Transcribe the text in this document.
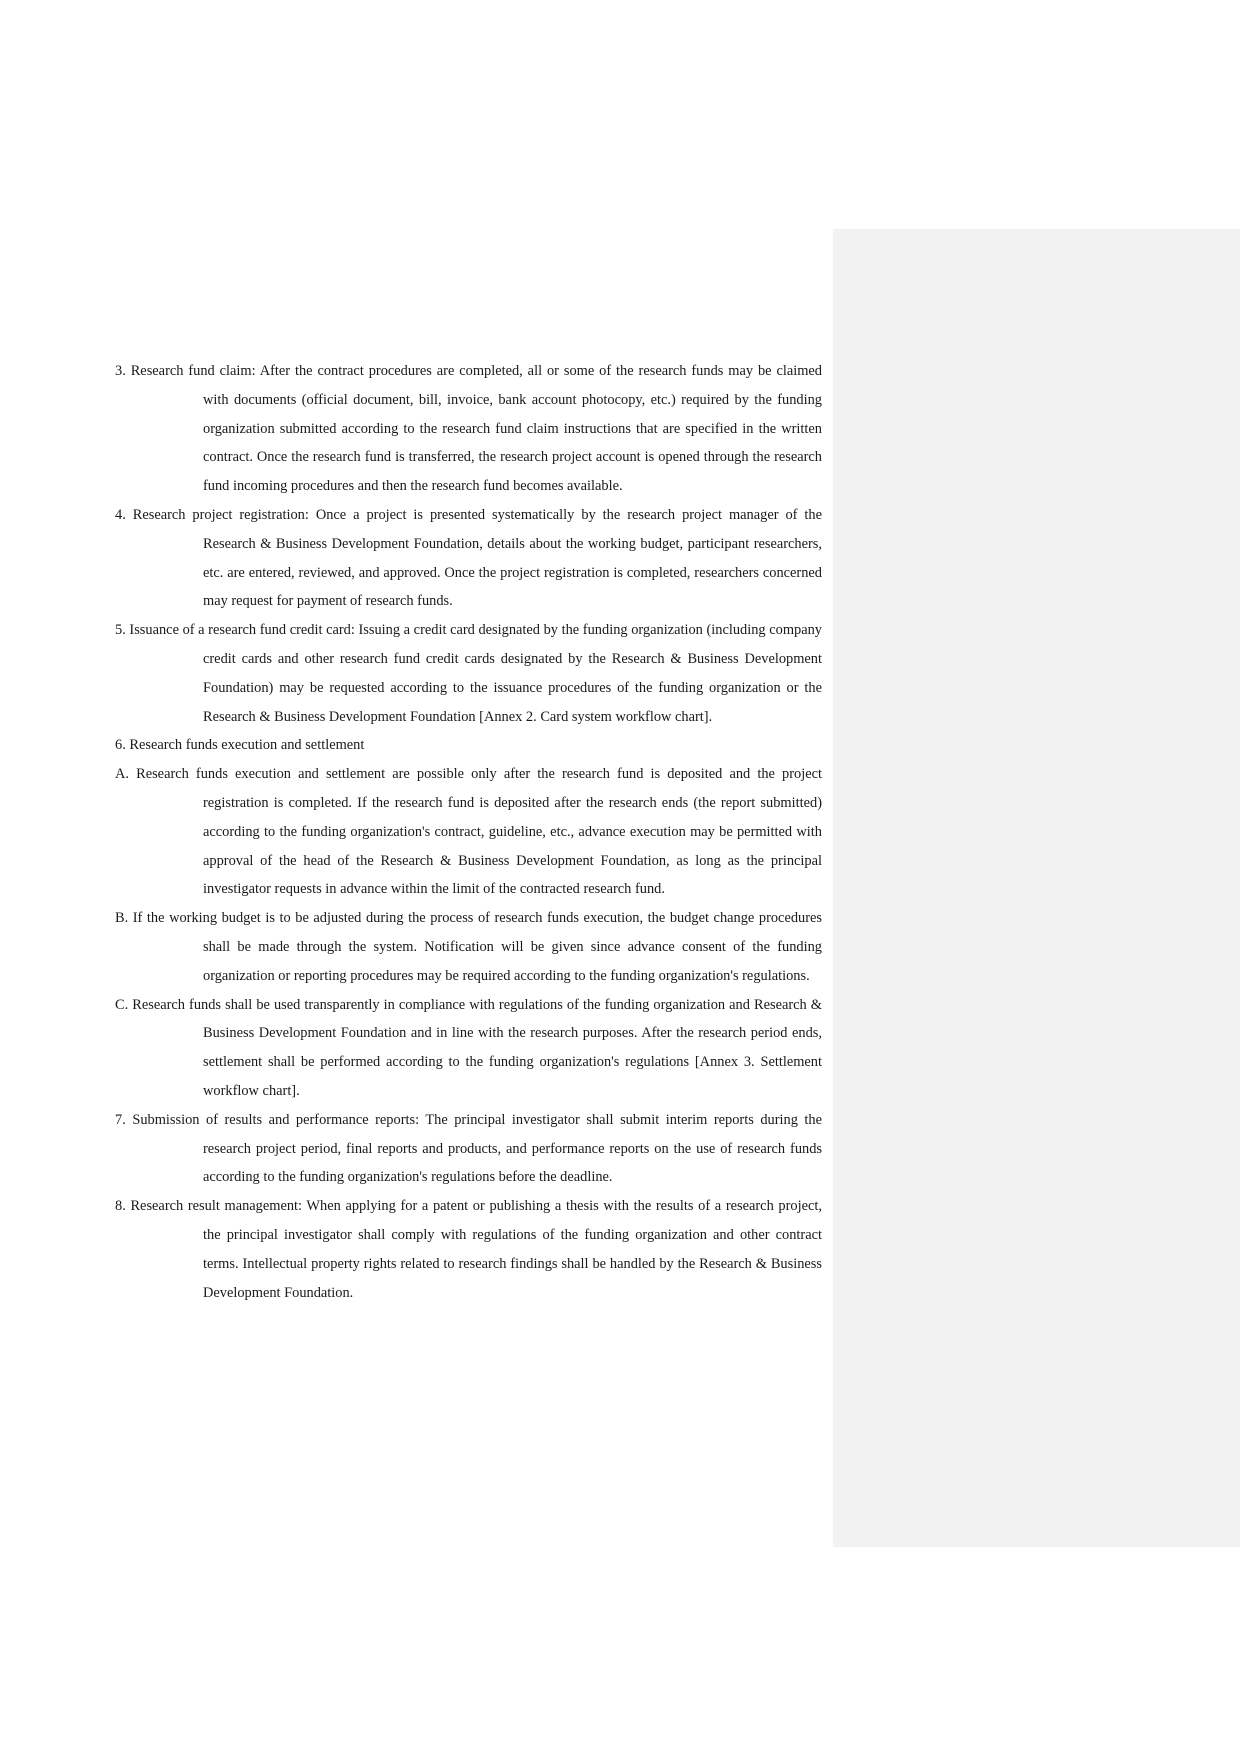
3. Research fund claim: After the contract procedures are completed, all or some of the research funds may be claimed with documents (official document, bill, invoice, bank account photocopy, etc.) required by the funding organization submitted according to the research fund claim instructions that are specified in the written contract. Once the research fund is transferred, the research project account is opened through the research fund incoming procedures and then the research fund becomes available.

4. Research project registration: Once a project is presented systematically by the research project manager of the Research & Business Development Foundation, details about the working budget, participant researchers, etc. are entered, reviewed, and approved. Once the project registration is completed, researchers concerned may request for payment of research funds.

5. Issuance of a research fund credit card: Issuing a credit card designated by the funding organization (including company credit cards and other research fund credit cards designated by the Research & Business Development Foundation) may be requested according to the issuance procedures of the funding organization or the Research & Business Development Foundation [Annex 2. Card system workflow chart].

6. Research funds execution and settlement

A. Research funds execution and settlement are possible only after the research fund is deposited and the project registration is completed. If the research fund is deposited after the research ends (the report submitted) according to the funding organization's contract, guideline, etc., advance execution may be permitted with approval of the head of the Research & Business Development Foundation, as long as the principal investigator requests in advance within the limit of the contracted research fund.

B. If the working budget is to be adjusted during the process of research funds execution, the budget change procedures shall be made through the system. Notification will be given since advance consent of the funding organization or reporting procedures may be required according to the funding organization's regulations.

C. Research funds shall be used transparently in compliance with regulations of the funding organization and Research & Business Development Foundation and in line with the research purposes. After the research period ends, settlement shall be performed according to the funding organization's regulations [Annex 3. Settlement workflow chart].

7. Submission of results and performance reports: The principal investigator shall submit interim reports during the research project period, final reports and products, and performance reports on the use of research funds according to the funding organization's regulations before the deadline.

8. Research result management: When applying for a patent or publishing a thesis with the results of a research project, the principal investigator shall comply with regulations of the funding organization and other contract terms. Intellectual property rights related to research findings shall be handled by the Research & Business Development Foundation.
